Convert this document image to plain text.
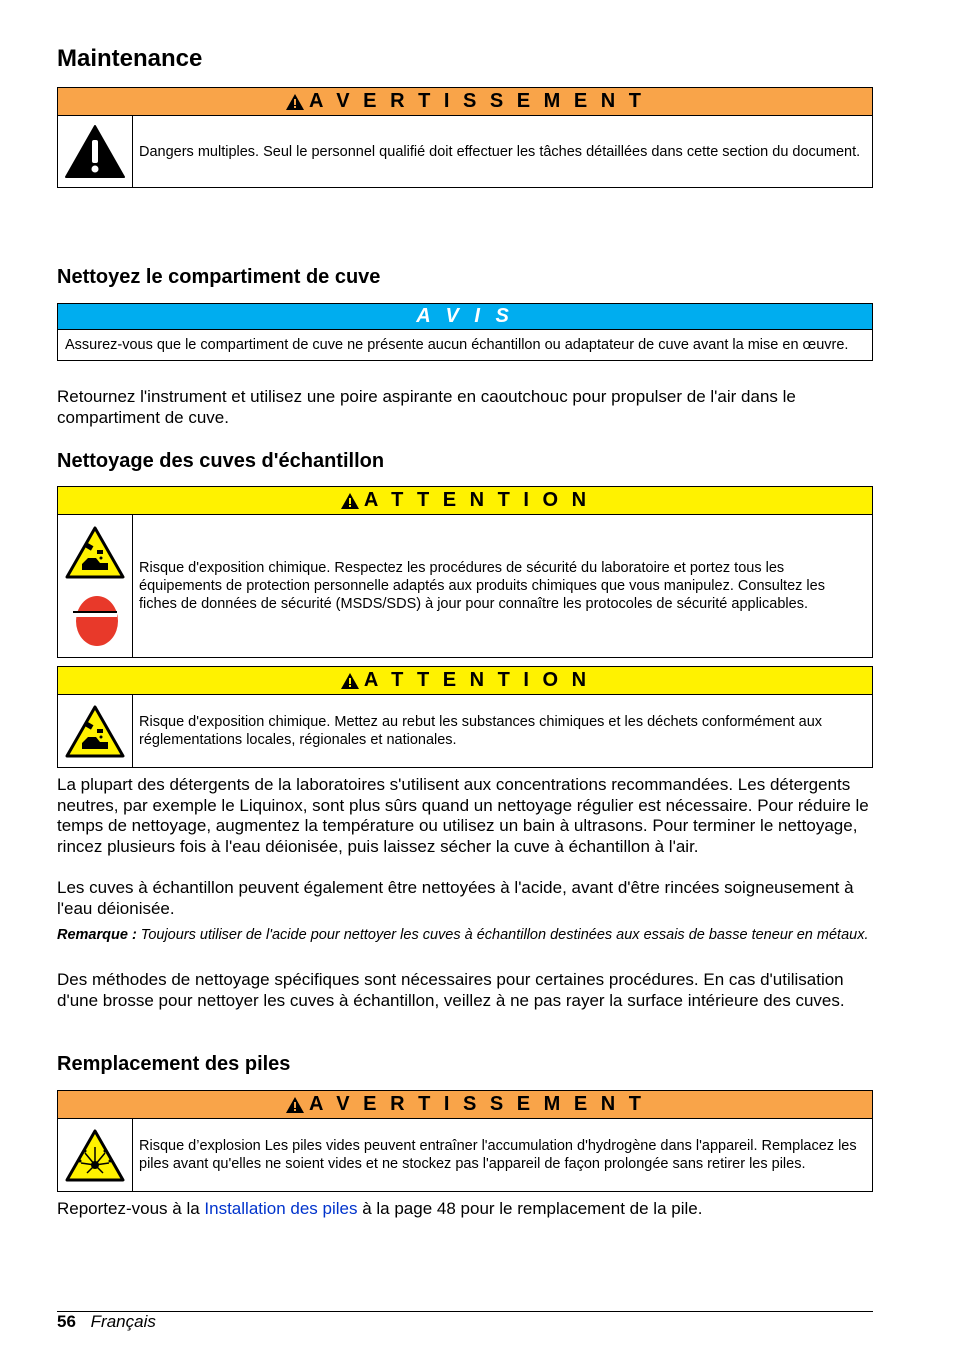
Maintenance
A V E R T I S S E M E N T
Dangers multiples. Seul le personnel qualifié doit effectuer les tâches détaillées dans cette section du document.
Nettoyez le compartiment de cuve
A V I S
Assurez-vous que le compartiment de cuve ne présente aucun échantillon ou adaptateur de cuve avant la mise en œuvre.

Retournez l'instrument et utilisez une poire aspirante en caoutchouc pour propulser de l'air dans le compartiment de cuve.

Nettoyage des cuves d'échantillon
A T T E N T I O N
Risque d'exposition chimique. Respectez les procédures de sécurité du laboratoire et portez tous les équipements de protection personnelle adaptés aux produits chimiques que vous manipulez. Consultez les fiches de données de sécurité (MSDS/SDS) à jour pour connaître les protocoles de sécurité applicables.
A T T E N T I O N
Risque d'exposition chimique. Mettez au rebut les substances chimiques et les déchets conformément aux réglementations locales, régionales et nationales.

La plupart des détergents de la laboratoires s'utilisent aux concentrations recommandées. Les détergents neutres, par exemple le Liquinox, sont plus sûrs quand un nettoyage régulier est nécessaire. Pour réduire le temps de nettoyage, augmentez la température ou utilisez un bain à ultrasons. Pour terminer le nettoyage, rincez plusieurs fois à l'eau déionisée, puis laissez sécher la cuve à échantillon à l'air.

Les cuves à échantillon peuvent également être nettoyées à l'acide, avant d'être rincées soigneusement à l'eau déionisée.

Remarque : Toujours utiliser de l'acide pour nettoyer les cuves à échantillon destinées aux essais de basse teneur en métaux.

Des méthodes de nettoyage spécifiques sont nécessaires pour certaines procédures. En cas d'utilisation d'une brosse pour nettoyer les cuves à échantillon, veillez à ne pas rayer la surface intérieure des cuves.

Remplacement des piles
A V E R T I S S E M E N T
Risque d’explosion Les piles vides peuvent entraîner l'accumulation d'hydrogène dans l'appareil. Remplacez les piles avant qu'elles ne soient vides et ne stockez pas l'appareil de façon prolongée sans retirer les piles.

Reportez-vous à la Installation des piles à la page 48 pour le remplacement de la pile.

56 Français
